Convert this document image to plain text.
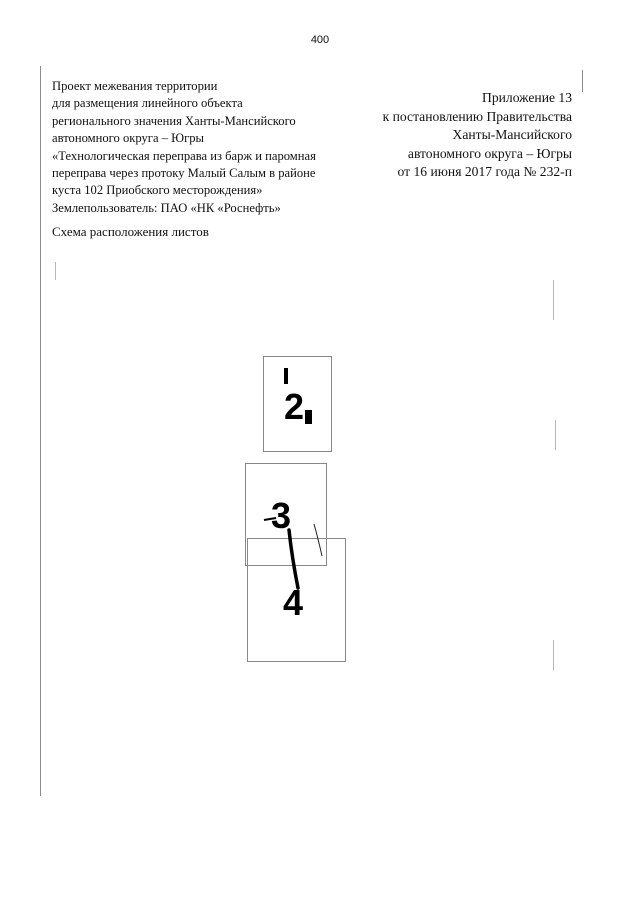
400
Проект межевания территории
для размещения линейного объекта
регионального значения Ханты-Мансийского
автономного округа – Югры
«Технологическая переправа из барж и паромная
переправа через протоку Малый Салым в районе
куста 102 Приобского месторождения»
Землепользователь: ПАО «НК «Роснефть»
Приложение 13
к постановлению Правительства
Ханты-Мансийского
автономного округа – Югры
от 16 июня 2017 года № 232-п
Схема расположения листов
2
3
4
